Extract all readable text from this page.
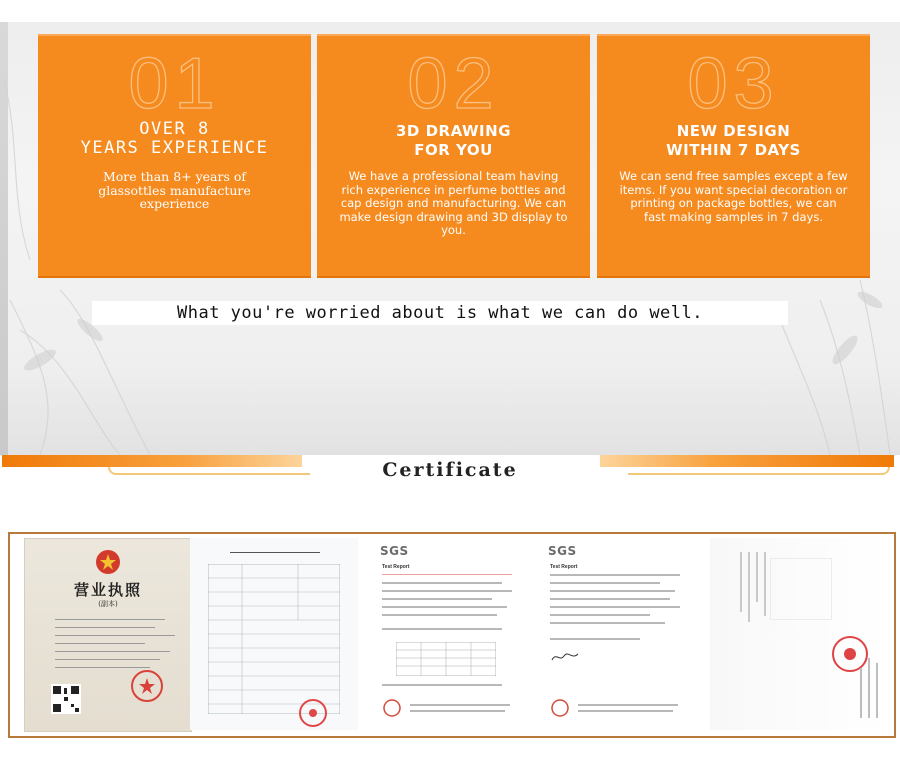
01
OVER 8
YEARS EXPERIENCE
More than 8+ years of glassottles manufacture experience
02
3D DRAWING
FOR YOU
We have a professional team having rich experience in perfume bottles and cap design and manufacturing. We can make design drawing and 3D display to you.
03
NEW DESIGN
WITHIN 7 DAYS
We can send free samples except a few items. If you want special decoration or printing on package bottles, we can fast making samples in 7 days.
What you're worried about is what we can do well.
Certificate
营业执照
(副本)
SGS
Test Report
SGS
Test Report
